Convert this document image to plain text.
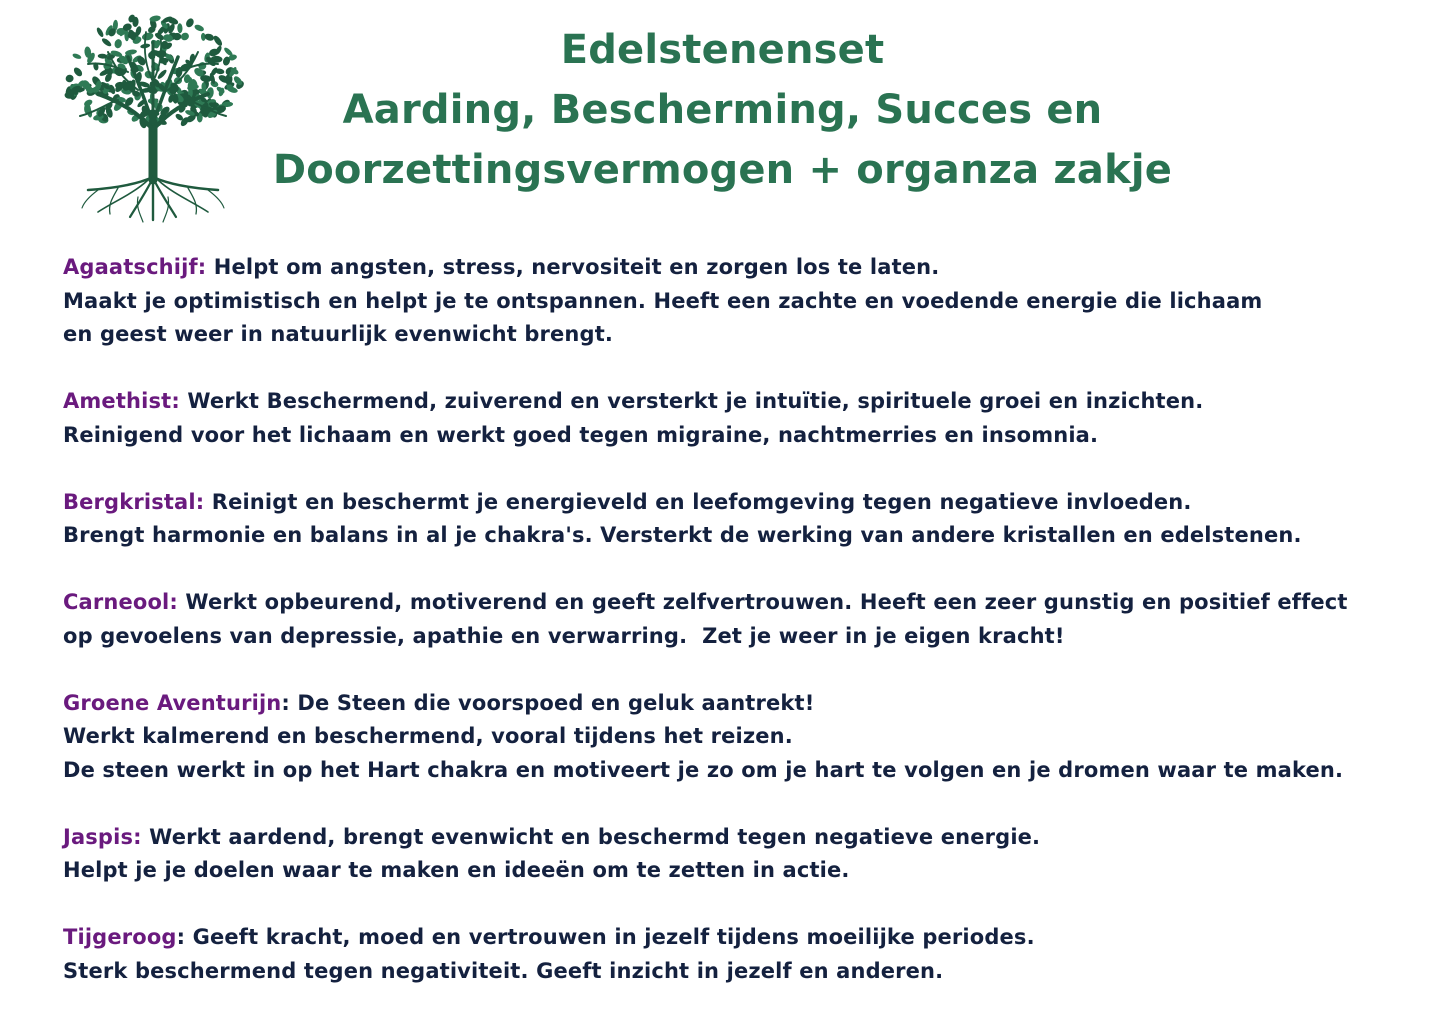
Edelstenenset
Aarding, Bescherming, Succes en
Doorzettingsvermogen + organza zakje
Agaatschijf: Helpt om angsten, stress, nervositeit en zorgen los te laten.
Maakt je optimistisch en helpt je te ontspannen. Heeft een zachte en voedende energie die lichaam
en geest weer in natuurlijk evenwicht brengt.
Amethist: Werkt Beschermend, zuiverend en versterkt je intuïtie, spirituele groei en inzichten.
Reinigend voor het lichaam en werkt goed tegen migraine, nachtmerries en insomnia.
Bergkristal: Reinigt en beschermt je energieveld en leefomgeving tegen negatieve invloeden.
Brengt harmonie en balans in al je chakra's. Versterkt de werking van andere kristallen en edelstenen.
Carneool: Werkt opbeurend, motiverend en geeft zelfvertrouwen. Heeft een zeer gunstig en positief effect
op gevoelens van depressie, apathie en verwarring.  Zet je weer in je eigen kracht!
Groene Aventurijn: De Steen die voorspoed en geluk aantrekt!
Werkt kalmerend en beschermend, vooral tijdens het reizen.
De steen werkt in op het Hart chakra en motiveert je zo om je hart te volgen en je dromen waar te maken.
Jaspis: Werkt aardend, brengt evenwicht en beschermd tegen negatieve energie.
Helpt je je doelen waar te maken en ideeën om te zetten in actie.
Tijgeroog: Geeft kracht, moed en vertrouwen in jezelf tijdens moeilijke periodes.
Sterk beschermend tegen negativiteit. Geeft inzicht in jezelf en anderen.
